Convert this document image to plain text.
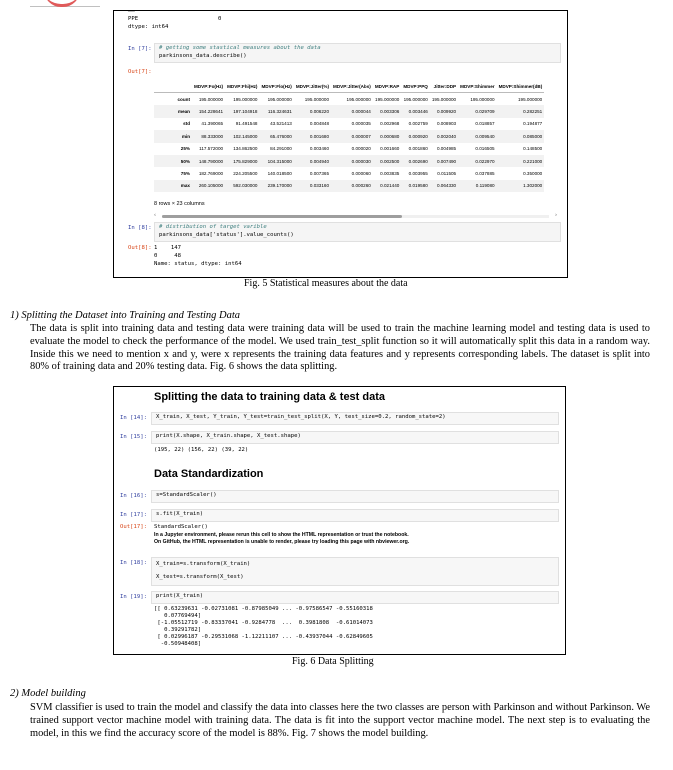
──
PPE	0
dtype: int64
In [7]:	# getting some stastical measures about the data
parkinsons_data.describe()
Out[7]:
	MDVP:Fo(Hz)	MDVP:Fhi(Hz)	MDVP:Flo(Hz)	MDVP:Jitter(%)	MDVP:Jitter(Abs)	MDVP:RAP	MDVP:PPQ	Jitter:DDP	MDVP:Shimmer	MDVP:Shimmer(dB)
count	195.000000	195.000000	195.000000	195.000000	195.000000	195.000000	195.000000	195.000000	195.000000	195.000000
mean	154.228641	197.104918	116.324631	0.006220	0.000044	0.003306	0.003446	0.009920	0.029709	0.282251
std	41.390065	91.491548	43.521413	0.004848	0.000035	0.002968	0.002759	0.008903	0.018857	0.194877
min	88.333000	102.145000	65.476000	0.001680	0.000007	0.000680	0.000920	0.002040	0.009540	0.085000
25%	117.572000	134.862500	84.291000	0.003460	0.000020	0.001660	0.001860	0.004985	0.016505	0.148500
50%	148.790000	175.829000	104.315000	0.004940	0.000030	0.002500	0.002690	0.007490	0.022970	0.221000
75%	182.769000	224.205500	140.018500	0.007365	0.000060	0.003835	0.003955	0.011505	0.037885	0.350000
max	260.105000	592.030000	239.170000	0.033160	0.000260	0.021440	0.019580	0.064330	0.119080	1.302000
8 rows × 23 columns
‹	›
In [8]:	# distribution of target varible
parkinsons_data['status'].value_counts()
Out[8]: 1    147
0     48
Name: status, dtype: int64
Fig. 5 Statistical measures about the data
1) Splitting the Dataset into Training and Testing Data
The data is split into training data and testing data were training data will be used to train the machine learning model and testing data is used to evaluate the model to check the performance of the model. We used train_test_split function so it will automatically split this data in a random way. Inside this we need to mention x and y, were x represents the training data features and y represents corresponding labels. The dataset is split into 80% of training data and 20% testing data. Fig. 6 shows the data splitting.
Splitting the data to training data & test data
In [14]:	X_train, X_test, Y_train, Y_test=train_test_split(X, Y, test_size=0.2, random_state=2)
In [15]:	print(X.shape, X_train.shape, X_test.shape)
(195, 22) (156, 22) (39, 22)
Data Standardization
In [16]:	s=StandardScaler()
In [17]:	s.fit(X_train)
Out[17]: StandardScaler()
In a Jupyter environment, please rerun this cell to show the HTML representation or trust the notebook.
On GitHub, the HTML representation is unable to render, please try loading this page with nbviewer.org.
In [18]:	X_train=s.transform(X_train)
X_test=s.transform(X_test)
In [19]:	print(X_train)
[[ 0.63239631 -0.02731081 -0.87985049 ... -0.97586547 -0.55160318
0.07769494]
[-1.05512719 -0.83337041 -0.9284778  ...  0.3981808  -0.61014073
0.39291782]
[ 0.02996187 -0.29531068 -1.12211107 ... -0.43937044 -0.62849605
-0.50948408]
Fig. 6 Data Splitting
2) Model building
SVM classifier is used to train the model and classify the data into classes here the two classes are person with Parkinson and without Parkinson. We trained support vector machine model with training data. The data is fit into the support vector machine model. The next step is to evaluating the model, in this we find the accuracy score of the model is 88%. Fig. 7 shows the model building.
